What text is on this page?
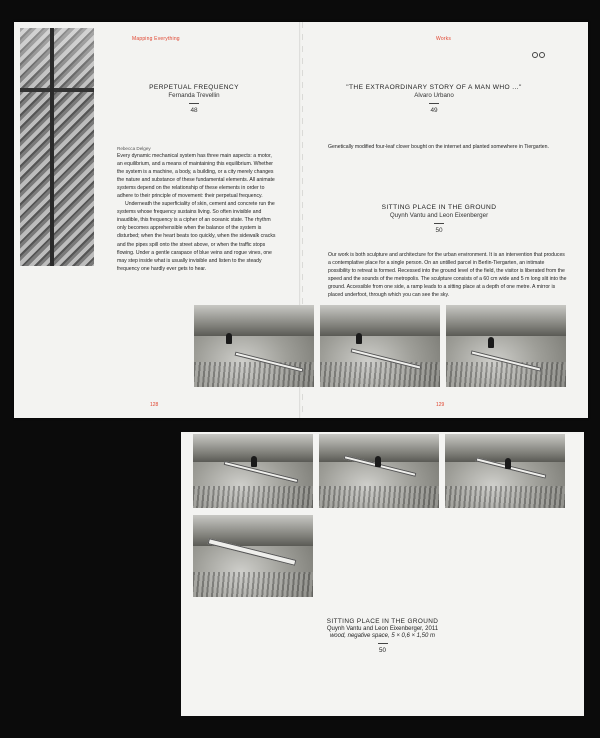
Mapping Everything	Works
PERPETUAL FREQUENCY
Fernanda Trevellin
48
Rebecca Delgey

Every dynamic mechanical system has three main aspects: a motor, an equilibrium, and a means of maintaining this equilibrium. Whether the system is a machine, a body, a building, or a city merely changes the nature and substance of these fundamental elements. All animate systems depend on the relationship of these elements in order to adhere to their principle of movement: their perpetual frequency.

Underneath the superficiality of skin, cement and concrete run the systems whose frequency sustains living. So often invisible and inaudible, this frequency is a cipher of an oceanic state. The rhythm only becomes apprehensible when the balance of the system is disturbed; when the heart beats too quickly, when the sidewalk cracks and the pipes spill onto the street above, or when the traffic stops flowing. Under a gentle carapace of blue veins and rogue vines, one may step inside what is usually invisible and listen to the steady frequency one hardly ever gets to hear.

"THE EXTRAORDINARY STORY OF A MAN WHO ..."
Alvaro Urbano
49
Genetically modified four-leaf clover bought on the internet and planted somewhere in Tiergarten.
SITTING PLACE IN THE GROUND
Quynh Vantu and Leon Eixenberger
50
Our work is both sculpture and architecture for the urban environment. It is an intervention that produces a contemplative place for a single person. On an untilled parcel in Berlin-Tiergarten, an intimate possibility to retreat is formed. Recessed into the ground level of the field, the visitor is liberated from the speed and the sounds of the metropolis. The sculpture consists of a 60 cm wide and 5 m long slit into the ground. Accessible from one side, a ramp leads to a sitting place at a depth of one metre. A mirror is placed underfoot, through which you can see the sky.
128	129
SITTING PLACE IN THE GROUND
Quynh Vantu and Leon Eixenberger, 2011
wood, negative space, 5 × 0,6 × 1,50 m
50
